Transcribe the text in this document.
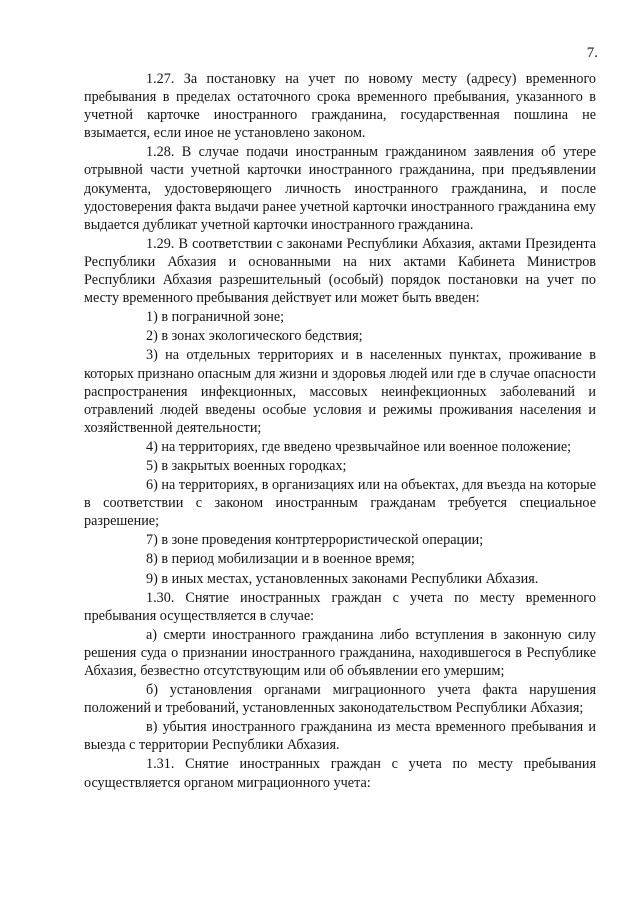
7.

1.27. За постановку на учет по новому месту (адресу) временного пребывания в пределах остаточного срока временного пребывания, указанного в учетной карточке иностранного гражданина, государственная пошлина не взымается, если иное не установлено законом.

1.28. В случае подачи иностранным гражданином заявления об утере отрывной части учетной карточки иностранного гражданина, при предъявлении документа, удостоверяющего личность иностранного гражданина, и после удостоверения факта выдачи ранее учетной карточки иностранного гражданина ему выдается дубликат учетной карточки иностранного гражданина.

1.29. В соответствии с законами Республики Абхазия, актами Президента Республики Абхазия и основанными на них актами Кабинета Министров Республики Абхазия разрешительный (особый) порядок постановки на учет по месту временного пребывания действует или может быть введен:

1) в пограничной зоне;

2) в зонах экологического бедствия;

3) на отдельных территориях и в населенных пунктах, проживание в которых признано опасным для жизни и здоровья людей или где в случае опасности распространения инфекционных, массовых неинфекционных заболеваний и отравлений людей введены особые условия и режимы проживания населения и хозяйственной деятельности;

4) на территориях, где введено чрезвычайное или военное положение;

5) в закрытых военных городках;

6) на территориях, в организациях или на объектах, для въезда на которые в соответствии с законом иностранным гражданам требуется специальное разрешение;

7) в зоне проведения контртеррористической операции;

8) в период мобилизации и в военное время;

9) в иных местах, установленных законами Республики Абхазия.

1.30. Снятие иностранных граждан с учета по месту временного пребывания осуществляется в случае:

а) смерти иностранного гражданина либо вступления в законную силу решения суда о признании иностранного гражданина, находившегося в Республике Абхазия, безвестно отсутствующим или об объявлении его умершим;

б) установления органами миграционного учета факта нарушения положений и требований, установленных законодательством Республики Абхазия;

в) убытия иностранного гражданина из места временного пребывания и выезда с территории Республики Абхазия.

1.31. Снятие иностранных граждан с учета по месту пребывания осуществляется органом миграционного учета:
